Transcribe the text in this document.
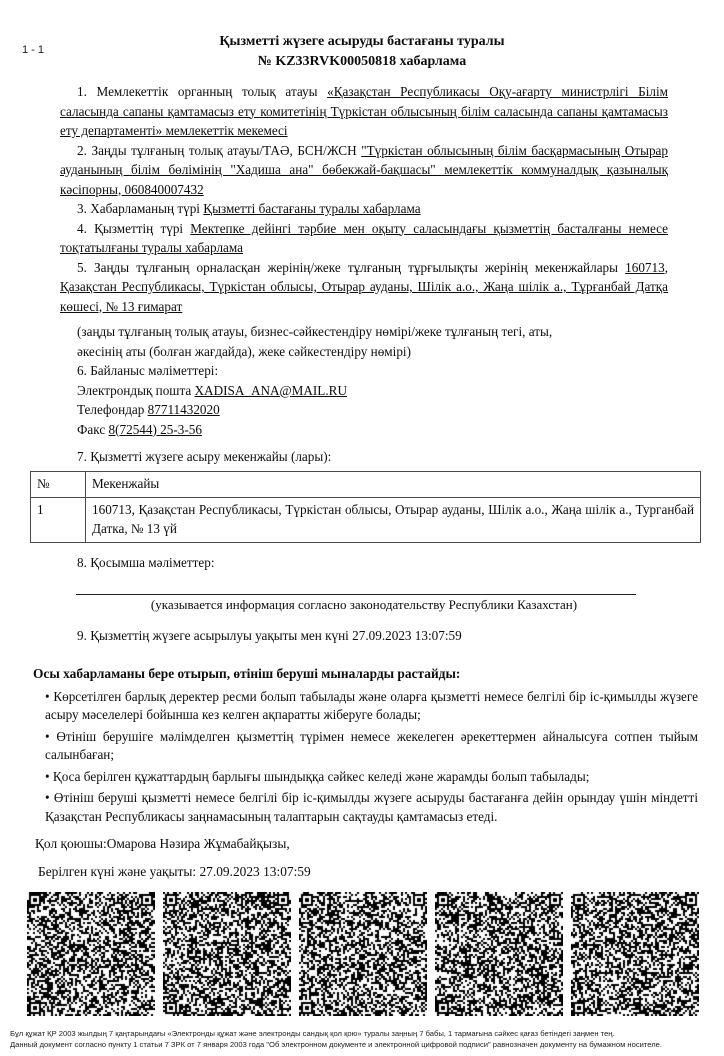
1 - 1
Қызметті жүзеге асыруды бастағаны туралы
№ KZ33RVK00050818 хабарлама
1. Мемлекеттік органның толық атауы «Қазақстан Республикасы Оқу-ағарту министрлігі Білім саласында сапаны қамтамасыз ету комитетінің Түркістан облысының білім саласында сапаны қамтамасыз ету департаменті» мемлекеттік мекемесі
2. Заңды тұлғаның толық атауы/ТАӘ, БСН/ЖСН "Түркістан облысының білім басқармасының Отырар ауданының білім бөлімінің "Хадиша ана" бөбекжай-бақшасы" мемлекеттік коммуналдық қазыналық кәсіпорны, 060840007432
3. Хабарламаның түрі Қызметті бастағаны туралы хабарлама
4. Қызметтің түрі Мектепке дейінгі тәрбие мен оқыту саласындағы қызметтің басталғаны немесе тоқтатылғаны туралы хабарлама
5. Заңды тұлғаның орналасқан жерінің/жеке тұлғаның тұрғылықты жерінің мекенжайлары 160713, Қазақстан Республикасы, Түркістан облысы, Отырар ауданы, Шілік а.о., Жаңа шілік а., Тұрғанбай Датқа көшесі, № 13 ғимарат
(заңды тұлғаның толық атауы, бизнес-сәйкестендіру нөмірі/жеке тұлғаның тегі, аты, әкесінің аты (болған жағдайда), жеке сәйкестендіру нөмірі)
6. Байланыс мәліметтері:
Электрондық пошта XADISA_ANA@MAIL.RU
Телефондар 87711432020
Факс 8(72544) 25-3-56
7. Қызметті жүзеге асыру мекенжайы (лары):
№	Мекенжайы
1	160713, Қазақстан Республикасы, Түркістан облысы, Отырар ауданы, Шілік а.о., Жаңа шілік а., Турганбай Датка, № 13 үй
8. Қосымша мәліметтер:
(указывается информация согласно законодательству Республики Казахстан)
9. Қызметтің жүзеге асырылуы уақыты мен күні 27.09.2023 13:07:59
Осы хабарламаны бере отырып, өтініш беруші мыналарды растайды:
• Көрсетілген барлық деректер ресми болып табылады және оларға қызметті немесе белгілі бір іс-қимылды жүзеге асыру мәселелері бойынша кез келген ақпаратты жіберуге болады;
• Өтініш берушіге мәлімделген қызметтің түрімен немесе жекелеген әрекеттермен айналысуға сотпен тыйым салынбаған;
• Қоса берілген құжаттардың барлығы шындыққа сәйкес келеді және жарамды болып табылады;
• Өтініш беруші қызметті немесе белгілі бір іс-қимылды жүзеге асыруды бастағанға дейін орындау үшін міндетті Қазақстан Республикасы заңнамасының талаптарын сақтауды қамтамасыз етеді.
Қол қоюшы:Омарова Нәзира Жұмабайқызы,
Берілген күні және уақыты: 27.09.2023 13:07:59
Бұл құжат ҚР 2003 жылдың 7 қаңтарындағы «Электронды құжат және электронды сандық қол қою» туралы заңның 7 бабы, 1 тармағына сәйкес қағаз бетіндегі заңмен тең.
Данный документ согласно пункту 1 статьи 7 ЗРК от 7 января 2003 года "Об электронном документе и электронной цифровой подписи" равнозначен документу на бумажном носителе.
